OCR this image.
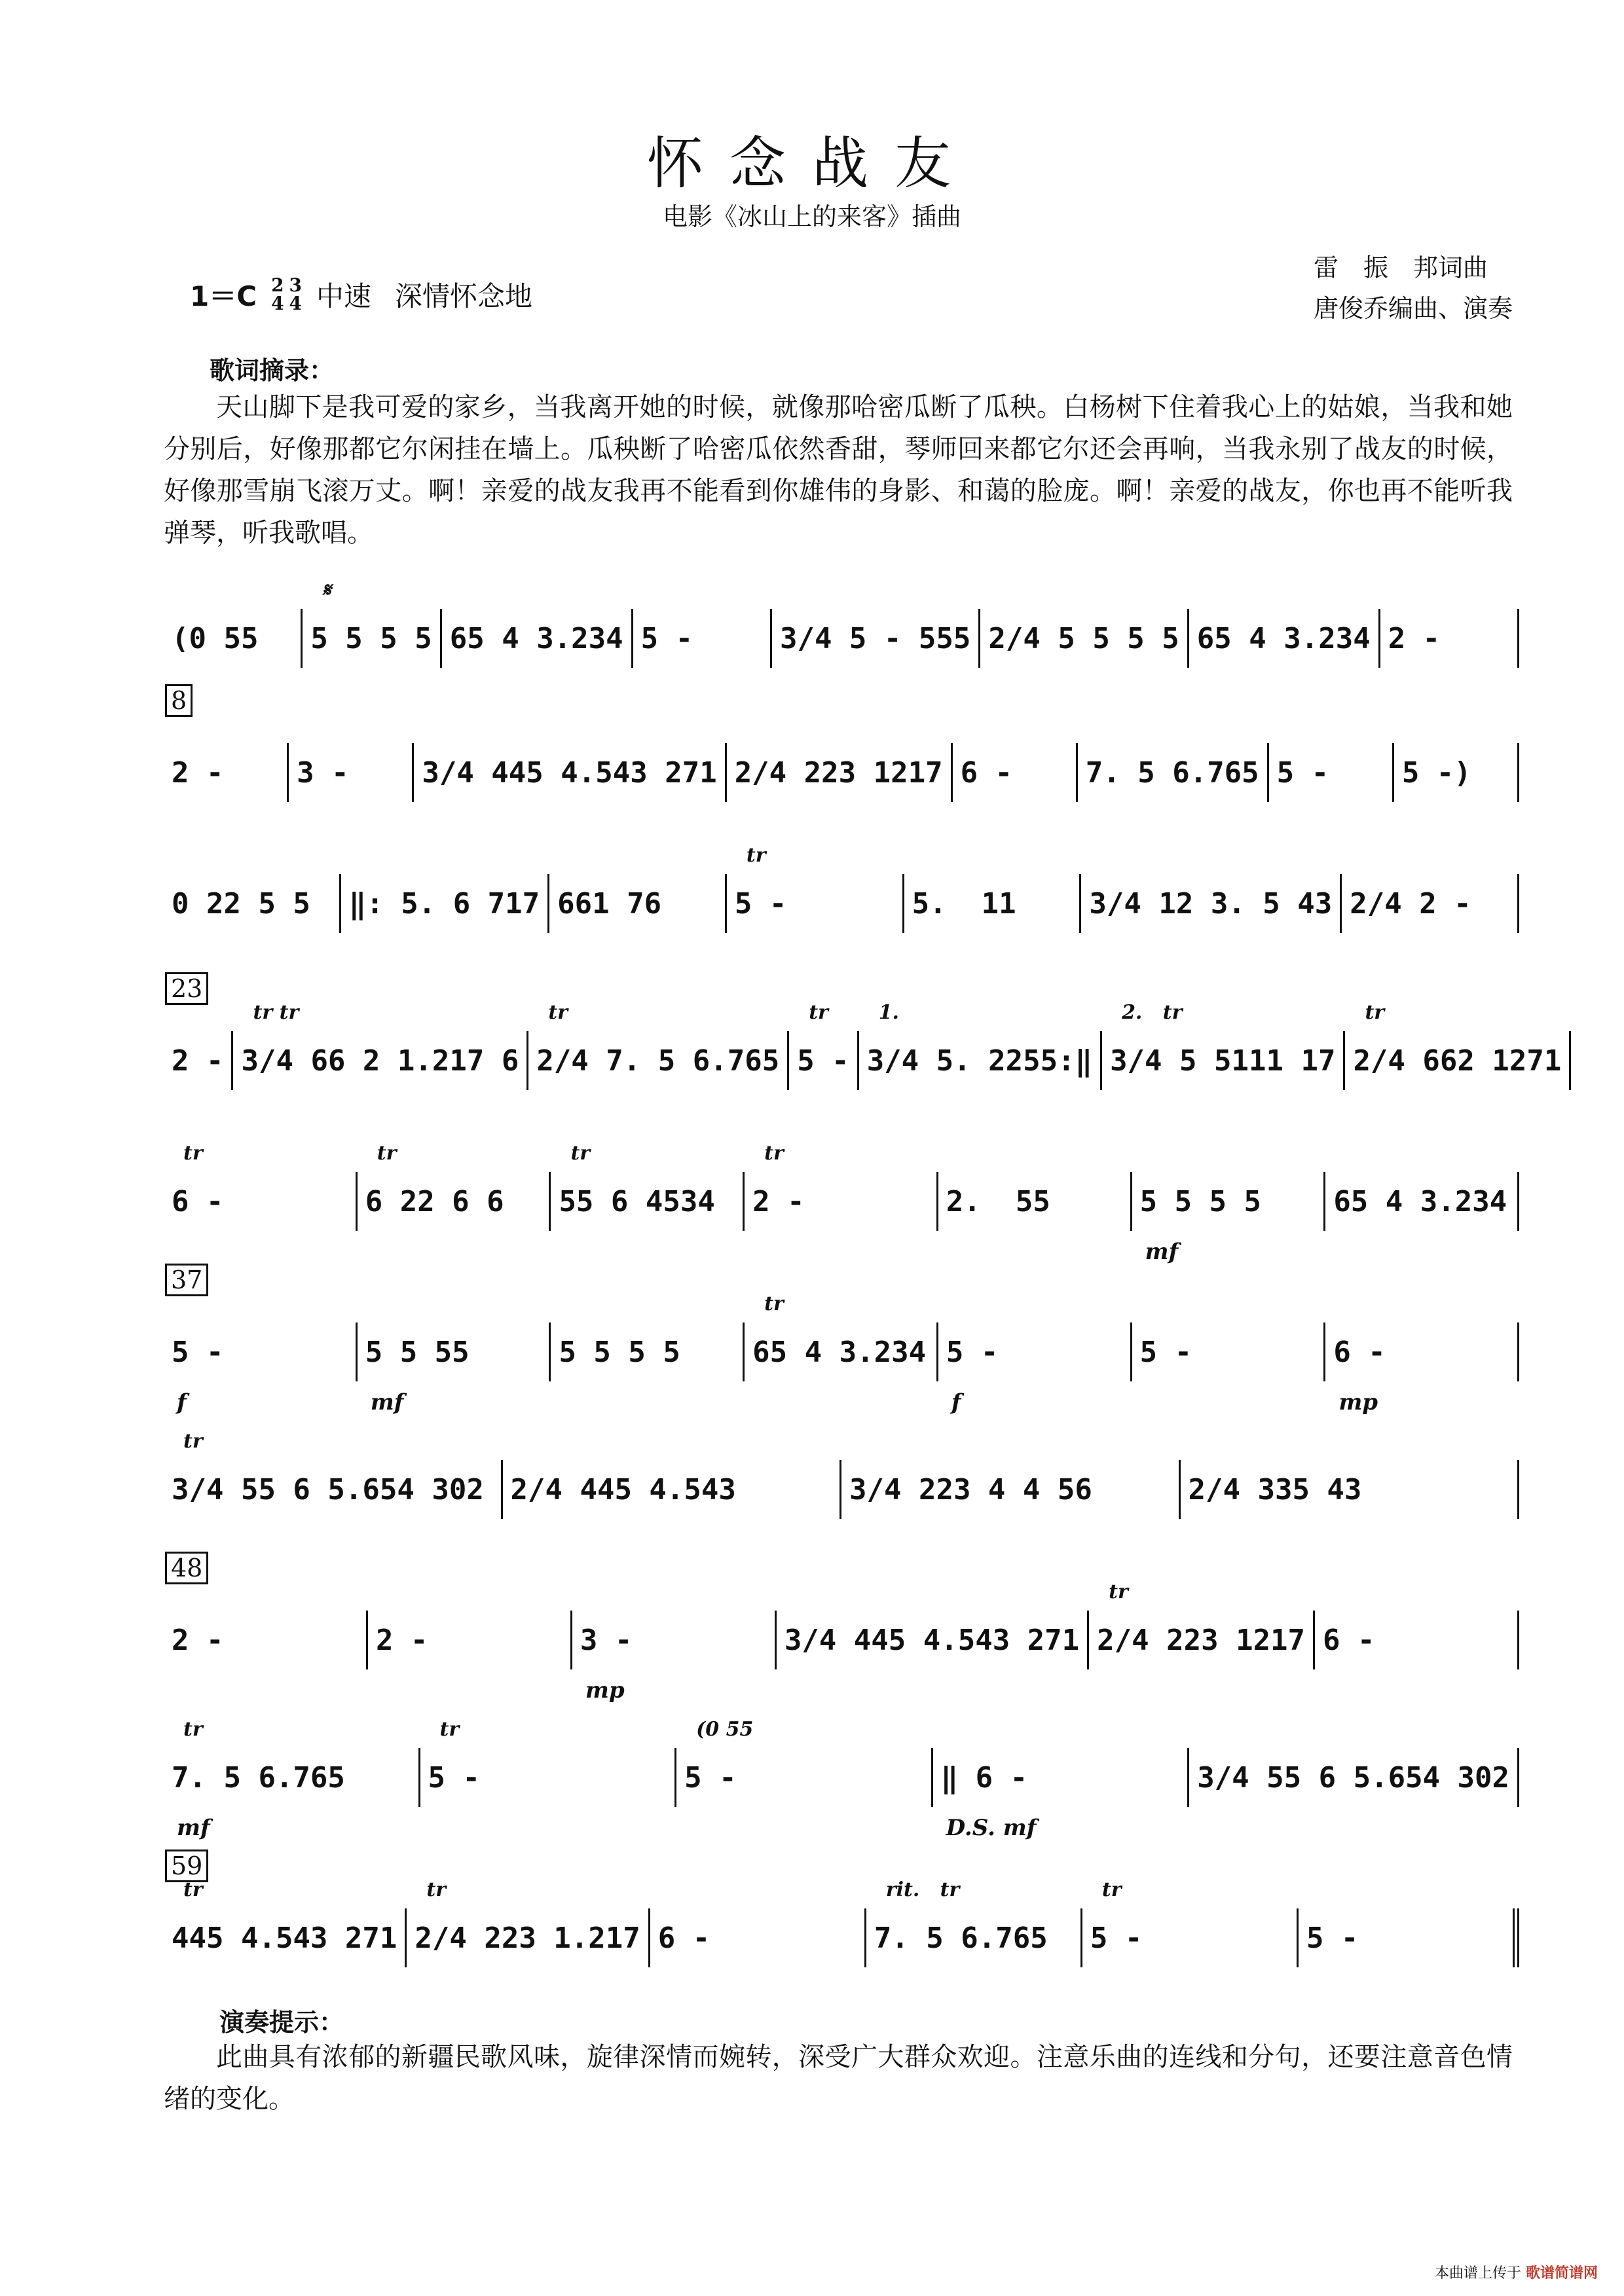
怀念战友
电影《冰山上的来客》插曲
雷　振　邦词曲
唐俊乔编曲、演奏
1＝C 2
4
3
4 中速 深情怀念地
歌词摘录：
天山脚下是我可爱的家乡，当我离开她的时候，就像那哈密瓜断了瓜秧。白杨树下住着我心上的姑娘，当我和她分别后，好像那都它尔闲挂在墙上。瓜秧断了哈密瓜依然香甜，琴师回来都它尔还会再响，当我永别了战友的时候，好像那雪崩飞滚万丈。啊！亲爱的战友我再不能看到你雄伟的身影、和蔼的脸庞。啊！亲爱的战友，你也再不能听我弹琴，听我歌唱。
(0 55 5 5 5 5
𝄋
65 4 3.234 5 -	3/4 5 - 555 2/4 5 5 5 5 65 4 3.234 2 -
8
2 -	3 -	3/4 445 4.543 271 2/4 223 1217 6 -	7. 5 6.765 5 -	5 -)
0 22 5 5 ‖: 5. 6 717 661 76	5 -
tr
5.  11	3/4 12 3. 5 43 2/4 2 -
23
2 - 3/4 66 2 1.217 6
tr tr
2/4 7. 5 6.765
tr
5 -
tr
3/4 5. 2255:‖
1.
3/4 5 5111 17
2.   tr
2/4 662 1271
tr
6 -
tr
6 22 6 6
tr
55 6 4534
tr
2 -
tr
2.  55	5 5 5 5
mf
65 4 3.234
37
5 -
f
5 5 55
mf
5 5 5 5	65 4 3.234
tr
5 -
f
5 -	6 -
mp
3/4 55 6 5.654 302
tr
2/4 445 4.543	3/4 223 4 4 56	2/4 335 43
48
2 -	2 -	3 -
mp
3/4 445 4.543 271 2/4 223 1217
tr
6 -
7. 5 6.765
tr
mf
5 -
tr
5 -
(0 55
‖ 6 -
D.S. mf
3/4 55 6 5.654 302
59
445 4.543 271
tr
2/4 223 1.217
tr
6 -	7. 5 6.765
rit.   tr
5 -
tr
5 -
演奏提示：
此曲具有浓郁的新疆民歌风味，旋律深情而婉转，深受广大群众欢迎。注意乐曲的连线和分句，还要注意音色情绪的变化。
本曲谱上传于 歌谱简谱网
